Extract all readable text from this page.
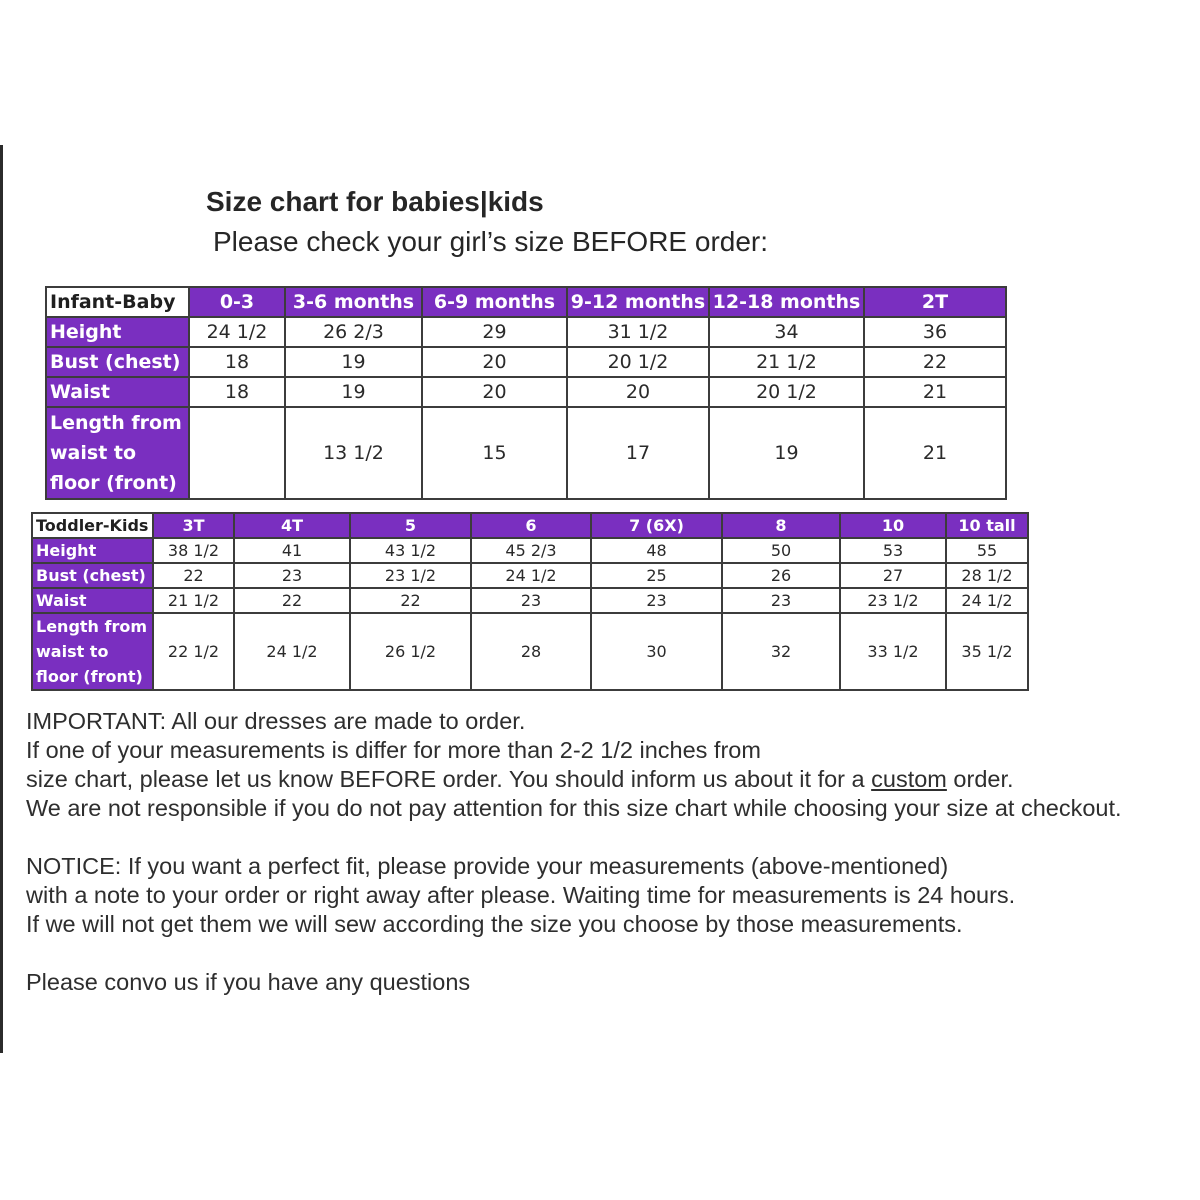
Size chart for babies|kids
Please check your girl’s size BEFORE order:
Infant-Baby	0-3	3-6 months	6-9 months	9-12 months	12-18 months	2T
Height	24 1/2	26 2/3	29	31 1/2	34	36
Bust (chest)	18	19	20	20 1/2	21 1/2	22
Waist	18	19	20	20	20 1/2	21
Length from waist to floor (front)		13 1/2	15	17	19	21
Toddler-Kids	3T	4T	5	6	7 (6X)	8	10	10 tall
Height	38 1/2	41	43 1/2	45 2/3	48	50	53	55
Bust (chest)	22	23	23 1/2	24 1/2	25	26	27	28 1/2
Waist	21 1/2	22	22	23	23	23	23 1/2	24 1/2
Length from waist to floor (front)	22 1/2	24 1/2	26 1/2	28	30	32	33 1/2	35 1/2

IMPORTANT: All our dresses are made to order.

If one of your measurements is differ for more than 2-2 1/2 inches from

size chart, please let us know BEFORE order. You should inform us about it for a custom order.

We are not responsible if you do not pay attention for this size chart while choosing your size at checkout.

NOTICE: If you want a perfect fit, please provide your measurements (above-mentioned)

with a note to your order or right away after please. Waiting time for measurements is 24 hours.

If we will not get them we will sew according the size you choose by those measurements.

Please convo us if you have any questions
